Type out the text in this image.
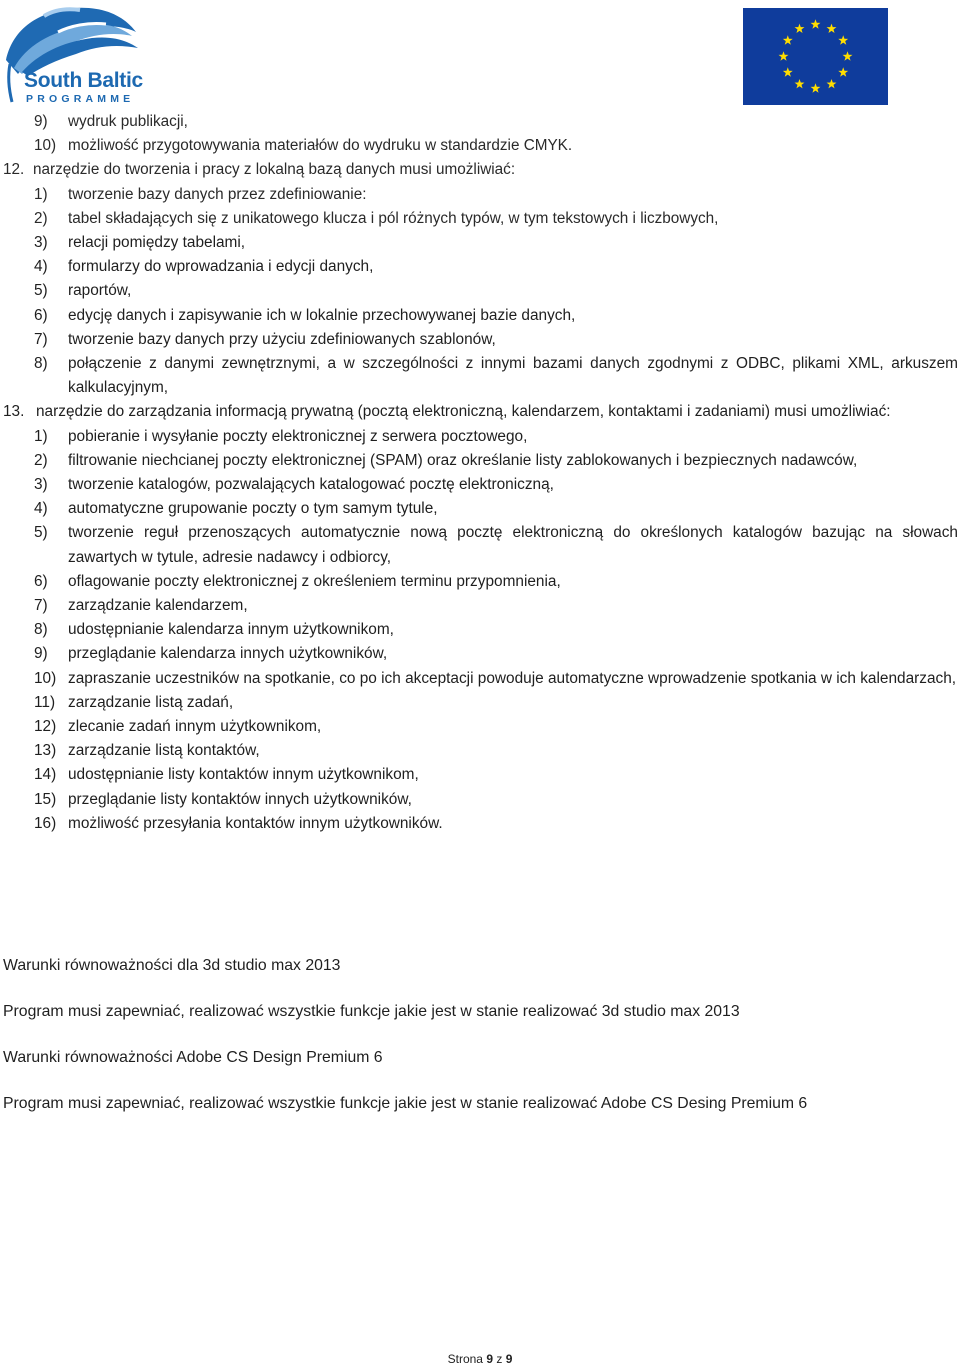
South Baltic
PROGRAMME
9)	wydruk publikacji,
10) możliwość przygotowywania materiałów do wydruku w standardzie CMYK.
12. narzędzie do tworzenia i pracy z lokalną bazą danych musi umożliwiać:
1)	tworzenie bazy danych przez zdefiniowanie:
2)	tabel składających się z unikatowego klucza i pól różnych typów, w tym tekstowych i liczbowych,
3)	relacji pomiędzy tabelami,
4)	formularzy do wprowadzania i edycji danych,
5)	raportów,
6)	edycję danych i zapisywanie ich w lokalnie przechowywanej bazie danych,
7)	tworzenie bazy danych przy użyciu zdefiniowanych szablonów,
8)	połączenie z danymi zewnętrznymi, a w szczególności z innymi bazami danych zgodnymi z ODBC, plikami XML, arkuszem kalkulacyjnym,
13. narzędzie do zarządzania informacją prywatną (pocztą elektroniczną, kalendarzem, kontaktami i zadaniami) musi umożliwiać:
1)	pobieranie i wysyłanie poczty elektronicznej z serwera pocztowego,
2)	filtrowanie niechcianej poczty elektronicznej (SPAM) oraz określanie listy zablokowanych i bezpiecznych nadawców,
3)	tworzenie katalogów, pozwalających katalogować pocztę elektroniczną,
4)	automatyczne grupowanie poczty o tym samym tytule,
5)	tworzenie reguł przenoszących automatycznie nową pocztę elektroniczną do określonych katalogów bazując na słowach zawartych w tytule, adresie nadawcy i odbiorcy,
6)	oflagowanie poczty elektronicznej z określeniem terminu przypomnienia,
7)	zarządzanie kalendarzem,
8)	udostępnianie kalendarza innym użytkownikom,
9)	przeglądanie kalendarza innych użytkowników,
10) zapraszanie uczestników na spotkanie, co po ich akceptacji powoduje automatyczne wprowadzenie spotkania w ich kalendarzach,
11) zarządzanie listą zadań,
12) zlecanie zadań innym użytkownikom,
13) zarządzanie listą kontaktów,
14) udostępnianie listy kontaktów innym użytkownikom,
15) przeglądanie listy kontaktów innych użytkowników,
16) możliwość przesyłania kontaktów innym użytkowników.
Warunki równoważności dla 3d studio max 2013
Program musi zapewniać, realizować wszystkie funkcje jakie jest w stanie realizować 3d studio max 2013
Warunki równoważności Adobe CS Design Premium 6
Program musi zapewniać, realizować wszystkie funkcje jakie jest w stanie realizować Adobe CS Desing Premium 6
Strona 9 z 9
